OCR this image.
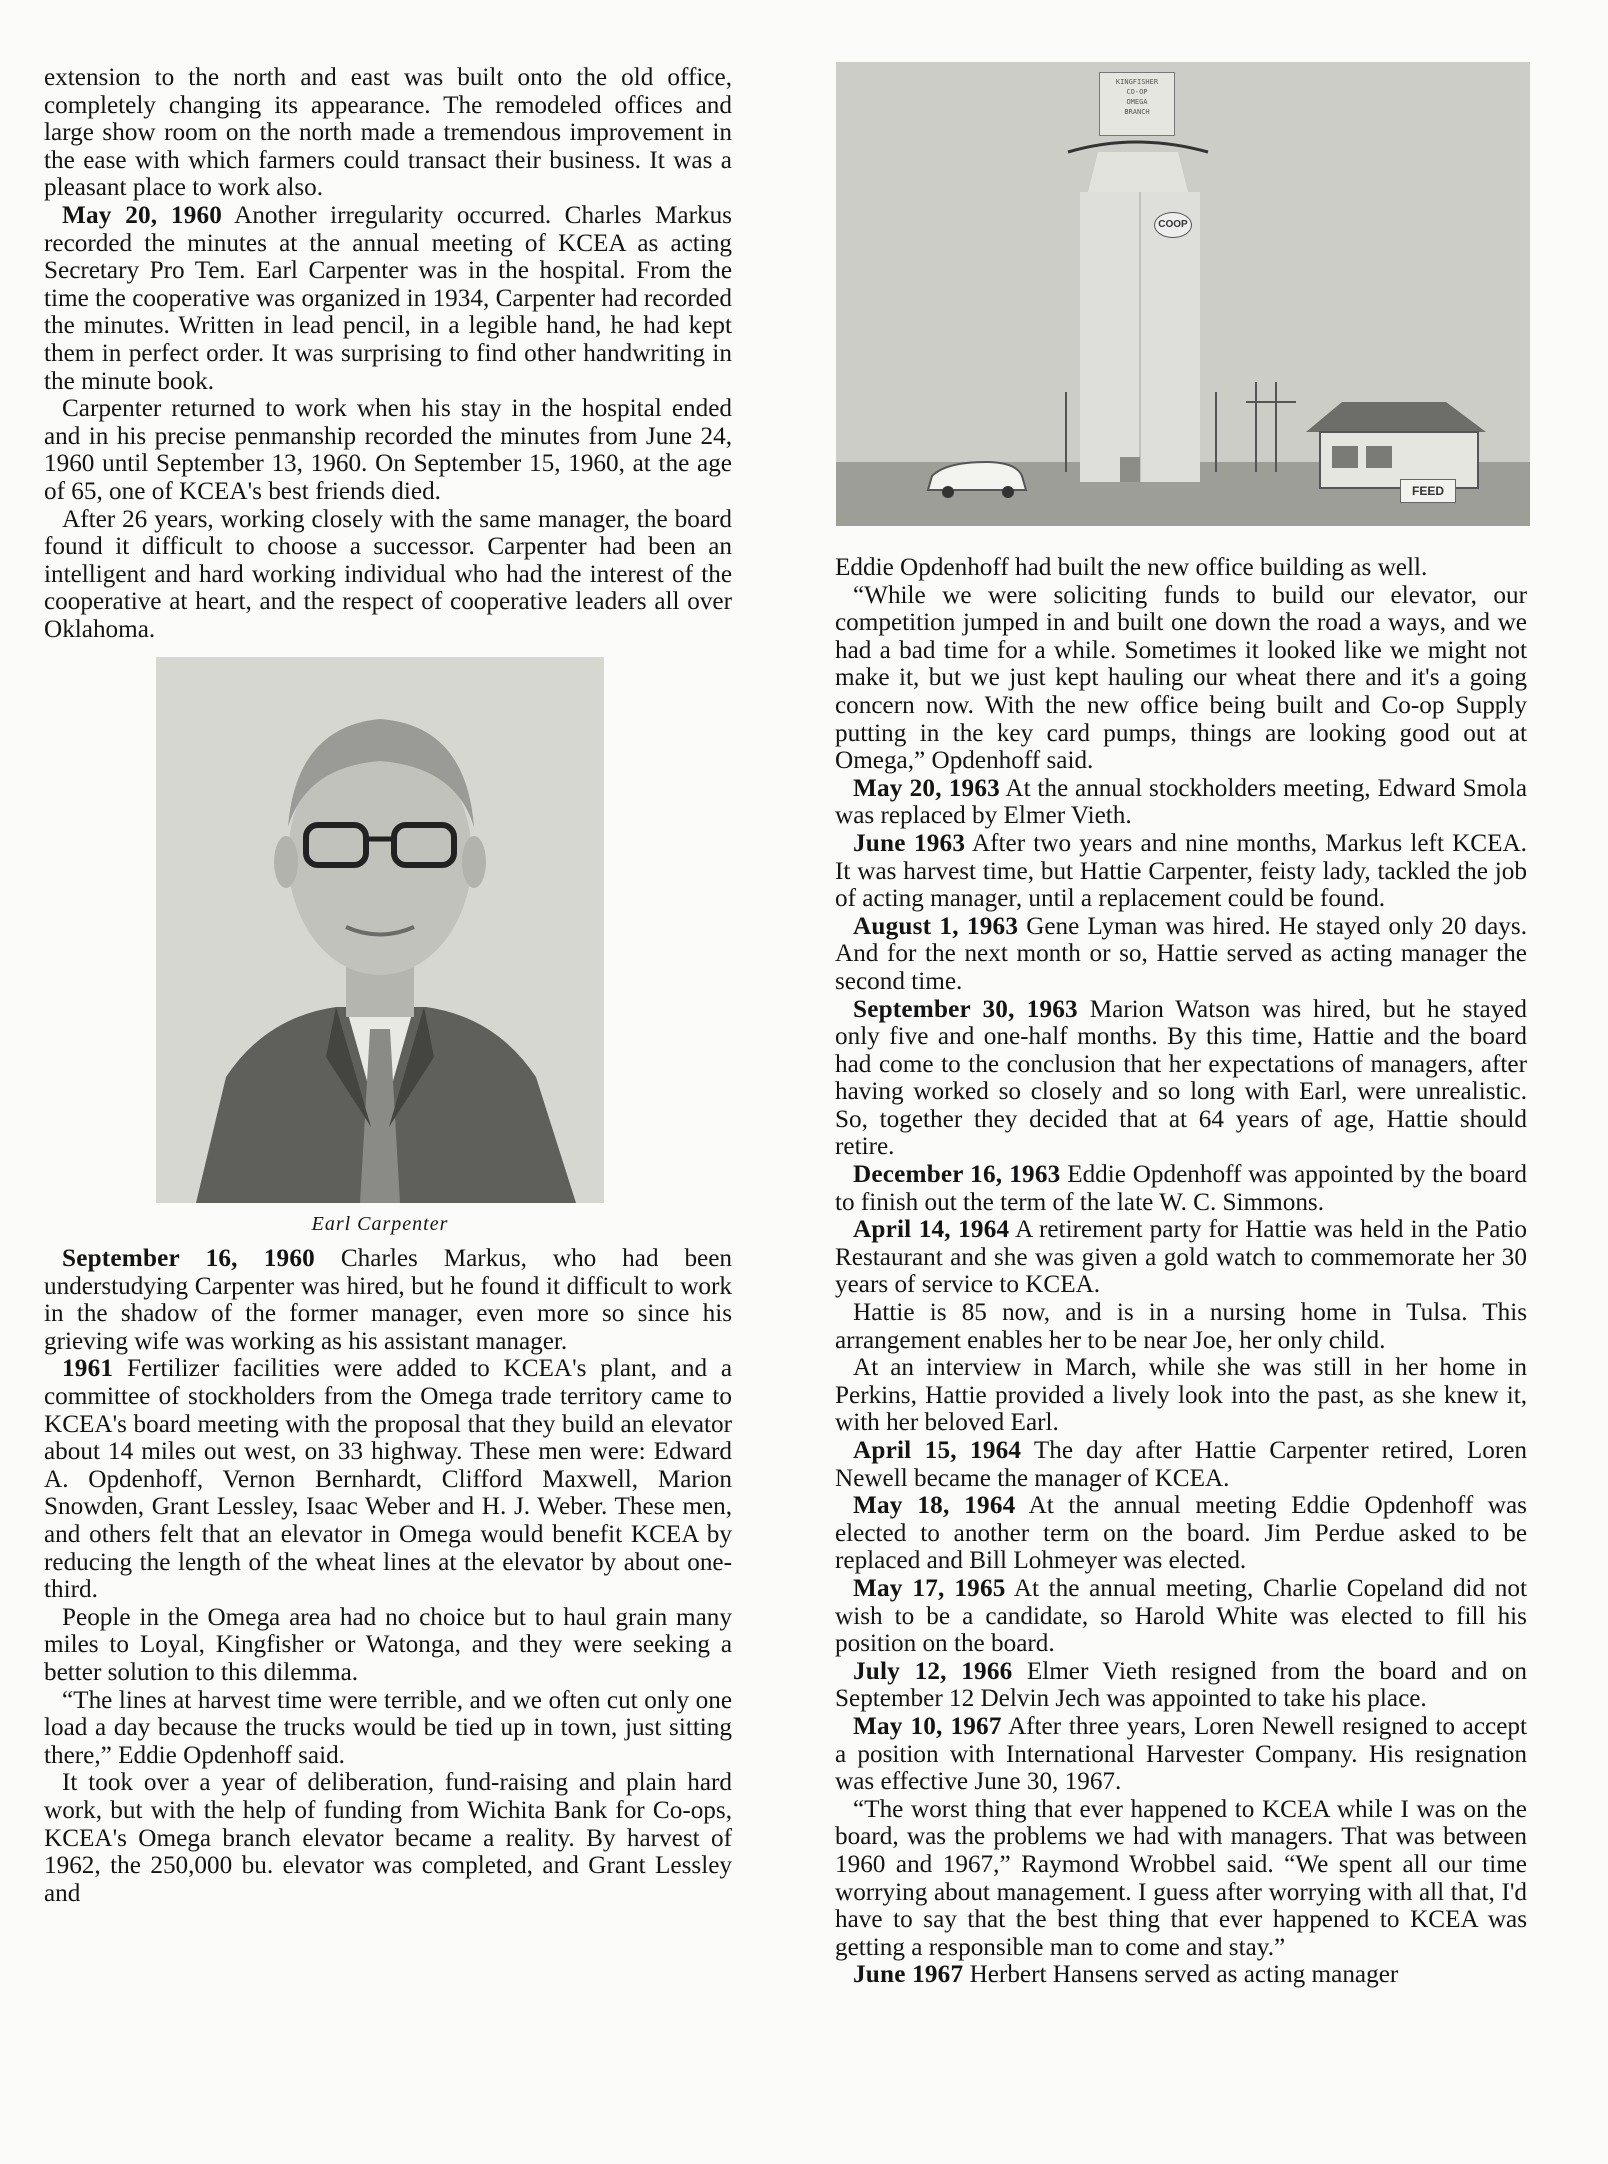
extension to the north and east was built onto the old office, completely changing its appearance. The remodeled offices and large show room on the north made a tremendous improvement in the ease with which farmers could transact their business. It was a pleasant place to work also.

May 20, 1960 Another irregularity occurred. Charles Markus recorded the minutes at the annual meeting of KCEA as acting Secretary Pro Tem. Earl Carpenter was in the hospital. From the time the cooperative was organized in 1934, Carpenter had recorded the minutes. Written in lead pencil, in a legible hand, he had kept them in perfect order. It was surprising to find other handwriting in the minute book.

Carpenter returned to work when his stay in the hospital ended and in his precise penmanship recorded the minutes from June 24, 1960 until September 13, 1960. On September 15, 1960, at the age of 65, one of KCEA's best friends died.

After 26 years, working closely with the same manager, the board found it difficult to choose a successor. Carpenter had been an intelligent and hard working individual who had the interest of the cooperative at heart, and the respect of cooperative leaders all over Oklahoma.

Earl Carpenter

September 16, 1960 Charles Markus, who had been understudying Carpenter was hired, but he found it difficult to work in the shadow of the former manager, even more so since his grieving wife was working as his assistant manager.

1961 Fertilizer facilities were added to KCEA's plant, and a committee of stockholders from the Omega trade territory came to KCEA's board meeting with the proposal that they build an elevator about 14 miles out west, on 33 highway. These men were: Edward A. Opdenhoff, Vernon Bernhardt, Clifford Maxwell, Marion Snowden, Grant Lessley, Isaac Weber and H. J. Weber. These men, and others felt that an elevator in Omega would benefit KCEA by reducing the length of the wheat lines at the elevator by about one-third.

People in the Omega area had no choice but to haul grain many miles to Loyal, Kingfisher or Watonga, and they were seeking a better solution to this dilemma.

“The lines at harvest time were terrible, and we often cut only one load a day because the trucks would be tied up in town, just sitting there,” Eddie Opdenhoff said.

It took over a year of deliberation, fund-raising and plain hard work, but with the help of funding from Wichita Bank for Co-ops, KCEA's Omega branch elevator became a reality. By harvest of 1962, the 250,000 bu. elevator was completed, and Grant Lessley and

KINGFISHER
CO-OP
OMEGA
BRANCH
COOP
FEED

Eddie Opdenhoff had built the new office building as well.

“While we were soliciting funds to build our elevator, our competition jumped in and built one down the road a ways, and we had a bad time for a while. Sometimes it looked like we might not make it, but we just kept hauling our wheat there and it's a going concern now. With the new office being built and Co-op Supply putting in the key card pumps, things are looking good out at Omega,” Opdenhoff said.

May 20, 1963 At the annual stockholders meeting, Edward Smola was replaced by Elmer Vieth.

June 1963 After two years and nine months, Markus left KCEA. It was harvest time, but Hattie Carpenter, feisty lady, tackled the job of acting manager, until a replacement could be found.

August 1, 1963 Gene Lyman was hired. He stayed only 20 days. And for the next month or so, Hattie served as acting manager the second time.

September 30, 1963 Marion Watson was hired, but he stayed only five and one-half months. By this time, Hattie and the board had come to the conclusion that her expectations of managers, after having worked so closely and so long with Earl, were unrealistic. So, together they decided that at 64 years of age, Hattie should retire.

December 16, 1963 Eddie Opdenhoff was appointed by the board to finish out the term of the late W. C. Simmons.

April 14, 1964 A retirement party for Hattie was held in the Patio Restaurant and she was given a gold watch to commemorate her 30 years of service to KCEA.

Hattie is 85 now, and is in a nursing home in Tulsa. This arrangement enables her to be near Joe, her only child.

At an interview in March, while she was still in her home in Perkins, Hattie provided a lively look into the past, as she knew it, with her beloved Earl.

April 15, 1964 The day after Hattie Carpenter retired, Loren Newell became the manager of KCEA.

May 18, 1964 At the annual meeting Eddie Opdenhoff was elected to another term on the board. Jim Perdue asked to be replaced and Bill Lohmeyer was elected.

May 17, 1965 At the annual meeting, Charlie Copeland did not wish to be a candidate, so Harold White was elected to fill his position on the board.

July 12, 1966 Elmer Vieth resigned from the board and on September 12 Delvin Jech was appointed to take his place.

May 10, 1967 After three years, Loren Newell resigned to accept a position with International Harvester Company. His resignation was effective June 30, 1967.

“The worst thing that ever happened to KCEA while I was on the board, was the problems we had with managers. That was between 1960 and 1967,” Raymond Wrobbel said. “We spent all our time worrying about management. I guess after worrying with all that, I'd have to say that the best thing that ever happened to KCEA was getting a responsible man to come and stay.”

June 1967 Herbert Hansens served as acting manager
